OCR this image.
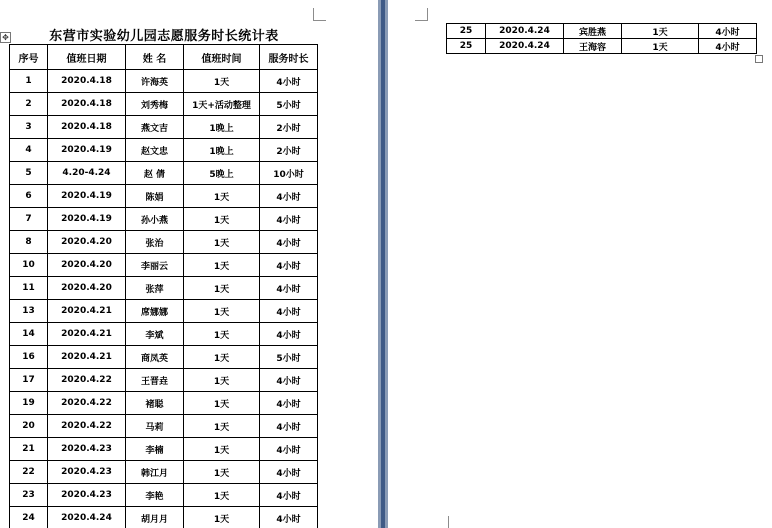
✥	东营市实验幼儿园志愿服务时长统计表
序号	值班日期	姓 名	值班时间	服务时长
1	2020.4.18	许海英	1天	4小时
2	2020.4.18	刘秀梅	1天+活动整理	5小时
3	2020.4.18	燕文吉	1晚上	2小时
4	2020.4.19	赵文忠	1晚上	2小时
5	4.20-4.24	赵 倩	5晚上	10小时
6	2020.4.19	陈娟	1天	4小时
7	2020.4.19	孙小燕	1天	4小时
8	2020.4.20	张治	1天	4小时
10	2020.4.20	李丽云	1天	4小时
11	2020.4.20	张萍	1天	4小时
13	2020.4.21	席娜娜	1天	4小时
14	2020.4.21	李斌	1天	4小时
16	2020.4.21	商凤英	1天	5小时
17	2020.4.22	王晋垚	1天	4小时
19	2020.4.22	褚聪	1天	4小时
20	2020.4.22	马莉	1天	4小时
21	2020.4.23	李楠	1天	4小时
22	2020.4.23	韩江月	1天	4小时
23	2020.4.23	李艳	1天	4小时
24	2020.4.24	胡月月	1天	4小时
25	2020.4.24	宾胜燕	1天	4小时
25	2020.4.24	王海容	1天	4小时
